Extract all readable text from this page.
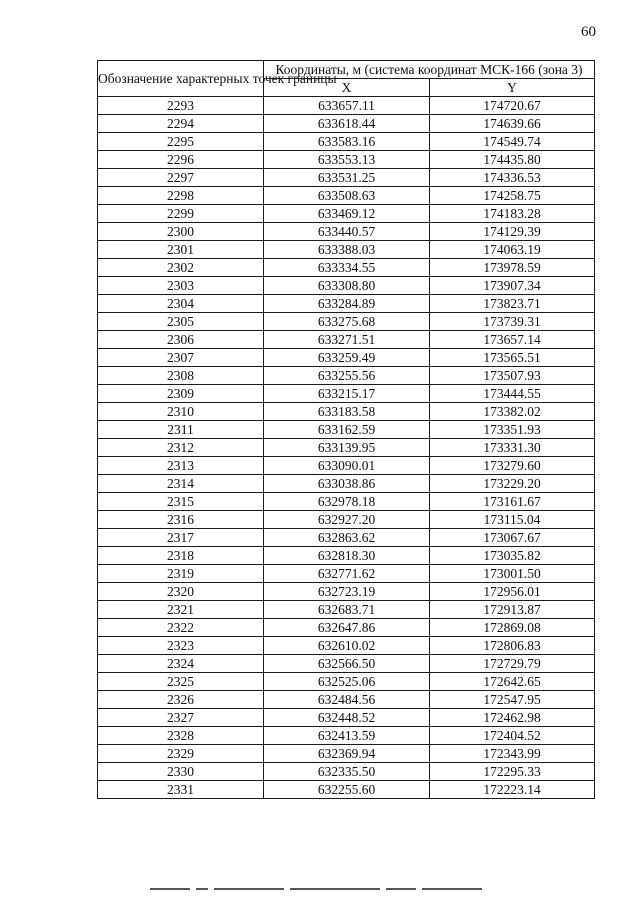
60
Обозначение характерных точек границы	Координаты, м (система координат МСК-166 (зона 3)	
	X	Y
2293	633657.11	174720.67
2294	633618.44	174639.66
2295	633583.16	174549.74
2296	633553.13	174435.80
2297	633531.25	174336.53
2298	633508.63	174258.75
2299	633469.12	174183.28
2300	633440.57	174129.39
2301	633388.03	174063.19
2302	633334.55	173978.59
2303	633308.80	173907.34
2304	633284.89	173823.71
2305	633275.68	173739.31
2306	633271.51	173657.14
2307	633259.49	173565.51
2308	633255.56	173507.93
2309	633215.17	173444.55
2310	633183.58	173382.02
2311	633162.59	173351.93
2312	633139.95	173331.30
2313	633090.01	173279.60
2314	633038.86	173229.20
2315	632978.18	173161.67
2316	632927.20	173115.04
2317	632863.62	173067.67
2318	632818.30	173035.82
2319	632771.62	173001.50
2320	632723.19	172956.01
2321	632683.71	172913.87
2322	632647.86	172869.08
2323	632610.02	172806.83
2324	632566.50	172729.79
2325	632525.06	172642.65
2326	632484.56	172547.95
2327	632448.52	172462.98
2328	632413.59	172404.52
2329	632369.94	172343.99
2330	632335.50	172295.33
2331	632255.60	172223.14
